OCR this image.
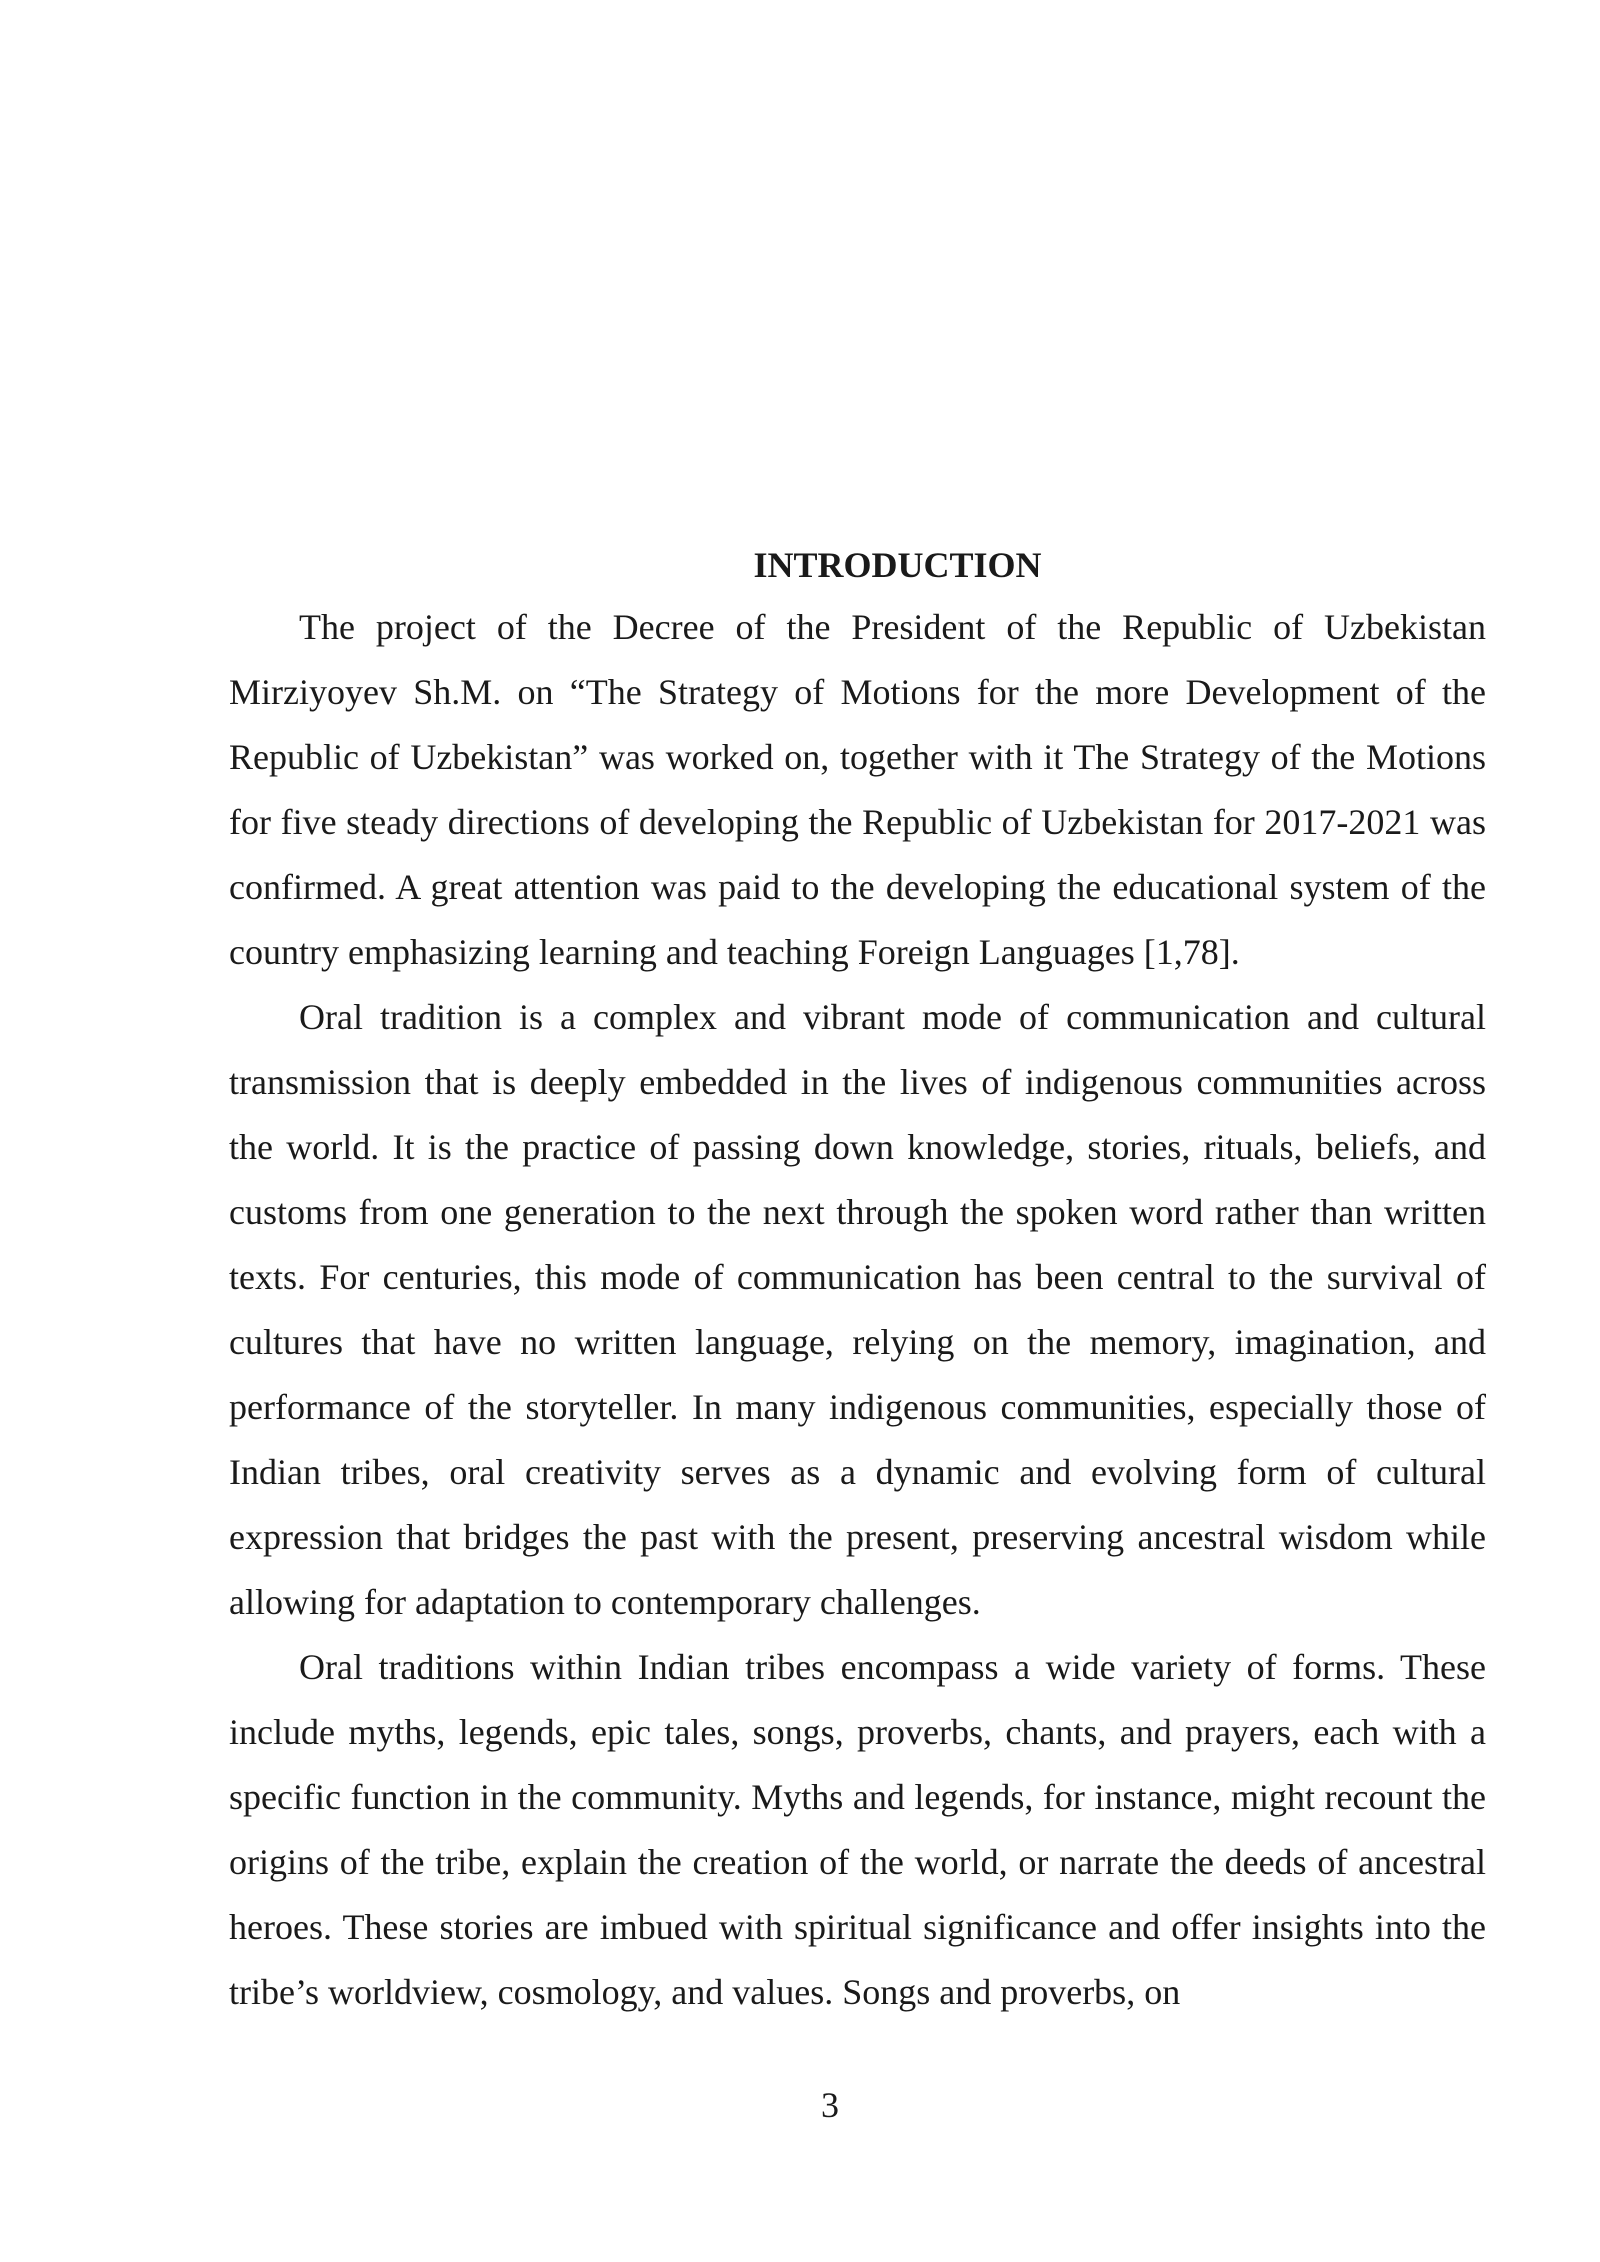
INTRODUCTION

The project of the Decree of the President of the Republic of Uzbekistan Mirziyoyev Sh.M. on “The Strategy of Motions for the more Development of the Republic of Uzbekistan” was worked on, together with it The Strategy of the Motions for five steady directions of developing the Republic of Uzbekistan for 2017-2021 was confirmed. A great attention was paid to the developing the educational system of the country emphasizing learning and teaching Foreign Languages [1,78].

Oral tradition is a complex and vibrant mode of communication and cultural transmission that is deeply embedded in the lives of indigenous communities across the world. It is the practice of passing down knowledge, stories, rituals, beliefs, and customs from one generation to the next through the spoken word rather than written texts. For centuries, this mode of communication has been central to the survival of cultures that have no written language, relying on the memory, imagination, and performance of the storyteller. In many indigenous communities, especially those of Indian tribes, oral creativity serves as a dynamic and evolving form of cultural expression that bridges the past with the present, preserving ancestral wisdom while allowing for adaptation to contemporary challenges.

Oral traditions within Indian tribes encompass a wide variety of forms. These include myths, legends, epic tales, songs, proverbs, chants, and prayers, each with a specific function in the community. Myths and legends, for instance, might recount the origins of the tribe, explain the creation of the world, or narrate the deeds of ancestral heroes. These stories are imbued with spiritual significance and offer insights into the tribe’s worldview, cosmology, and values. Songs and proverbs, on

3
